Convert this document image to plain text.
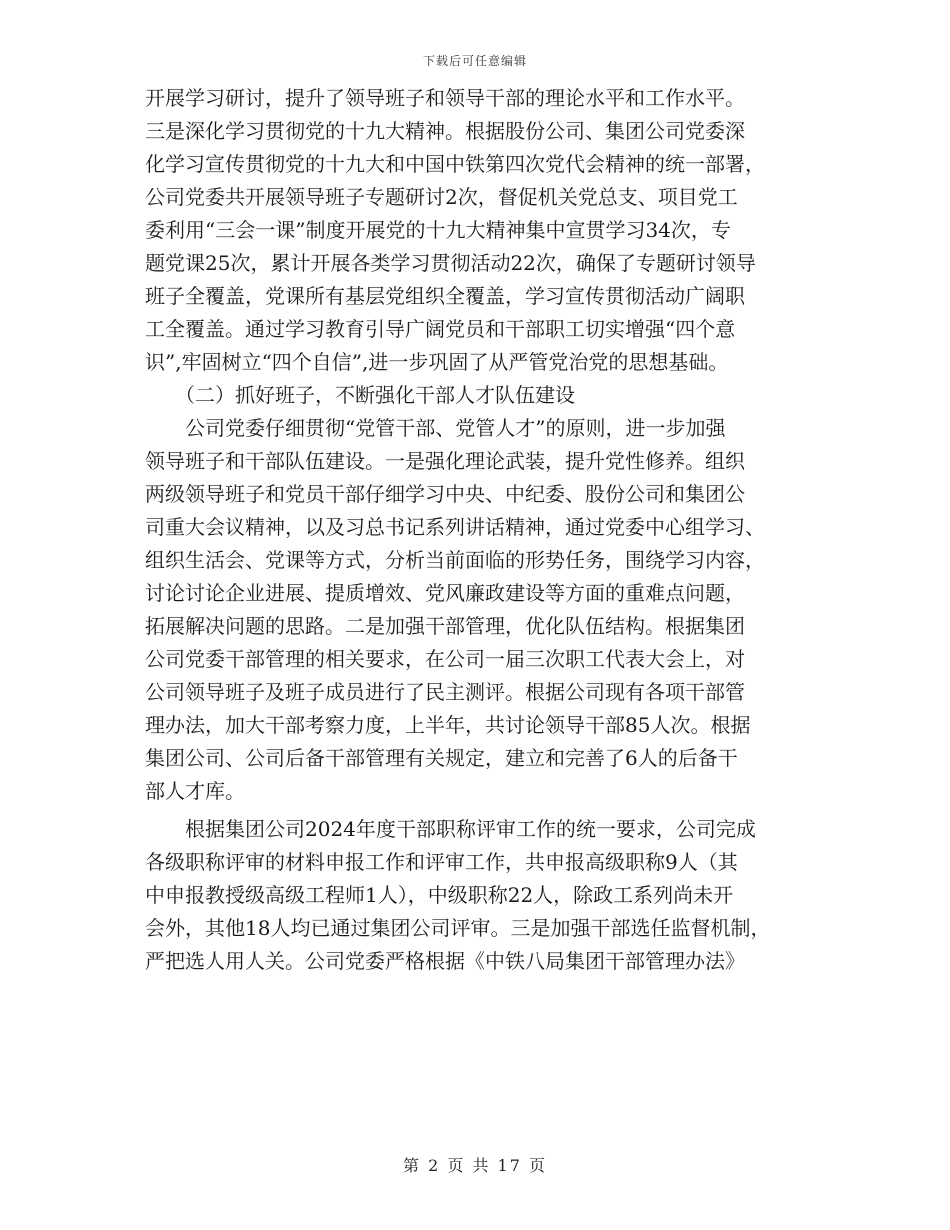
下载后可任意编辑
开展学习研讨，提升了领导班子和领导干部的理论水平和工作水平。
三是深化学习贯彻党的十九大精神。根据股份公司、集团公司党委深
化学习宣传贯彻党的十九大和中国中铁第四次党代会精神的统一部署，
公司党委共开展领导班子专题研讨2次，督促机关党总支、项目党工
委利用“三会一课”制度开展党的十九大精神集中宣贯学习34次，专
题党课25次，累计开展各类学习贯彻活动22次，确保了专题研讨领导
班子全覆盖，党课所有基层党组织全覆盖，学习宣传贯彻活动广阔职
工全覆盖。通过学习教育引导广阔党员和干部职工切实增强“四个意
识”,牢固树立“四个自信”,进一步巩固了从严管党治党的思想基础。
　　（二）抓好班子，不断强化干部人才队伍建设
　　公司党委仔细贯彻“党管干部、党管人才”的原则，进一步加强
领导班子和干部队伍建设。一是强化理论武装，提升党性修养。组织
两级领导班子和党员干部仔细学习中央、中纪委、股份公司和集团公
司重大会议精神，以及习总书记系列讲话精神，通过党委中心组学习、
组织生活会、党课等方式，分析当前面临的形势任务，围绕学习内容，
讨论讨论企业进展、提质增效、党风廉政建设等方面的重难点问题，
拓展解决问题的思路。二是加强干部管理，优化队伍结构。根据集团
公司党委干部管理的相关要求，在公司一届三次职工代表大会上，对
公司领导班子及班子成员进行了民主测评。根据公司现有各项干部管
理办法，加大干部考察力度，上半年，共讨论领导干部85人次。根据
集团公司、公司后备干部管理有关规定，建立和完善了6人的后备干
部人才库。
　　根据集团公司2024年度干部职称评审工作的统一要求，公司完成
各级职称评审的材料申报工作和评审工作，共申报高级职称9人（其
中申报教授级高级工程师1人），中级职称22人，除政工系列尚未开
会外，其他18人均已通过集团公司评审。三是加强干部选任监督机制，
严把选人用人关。公司党委严格根据《中铁八局集团干部管理办法》
第 2 页 共 17 页
